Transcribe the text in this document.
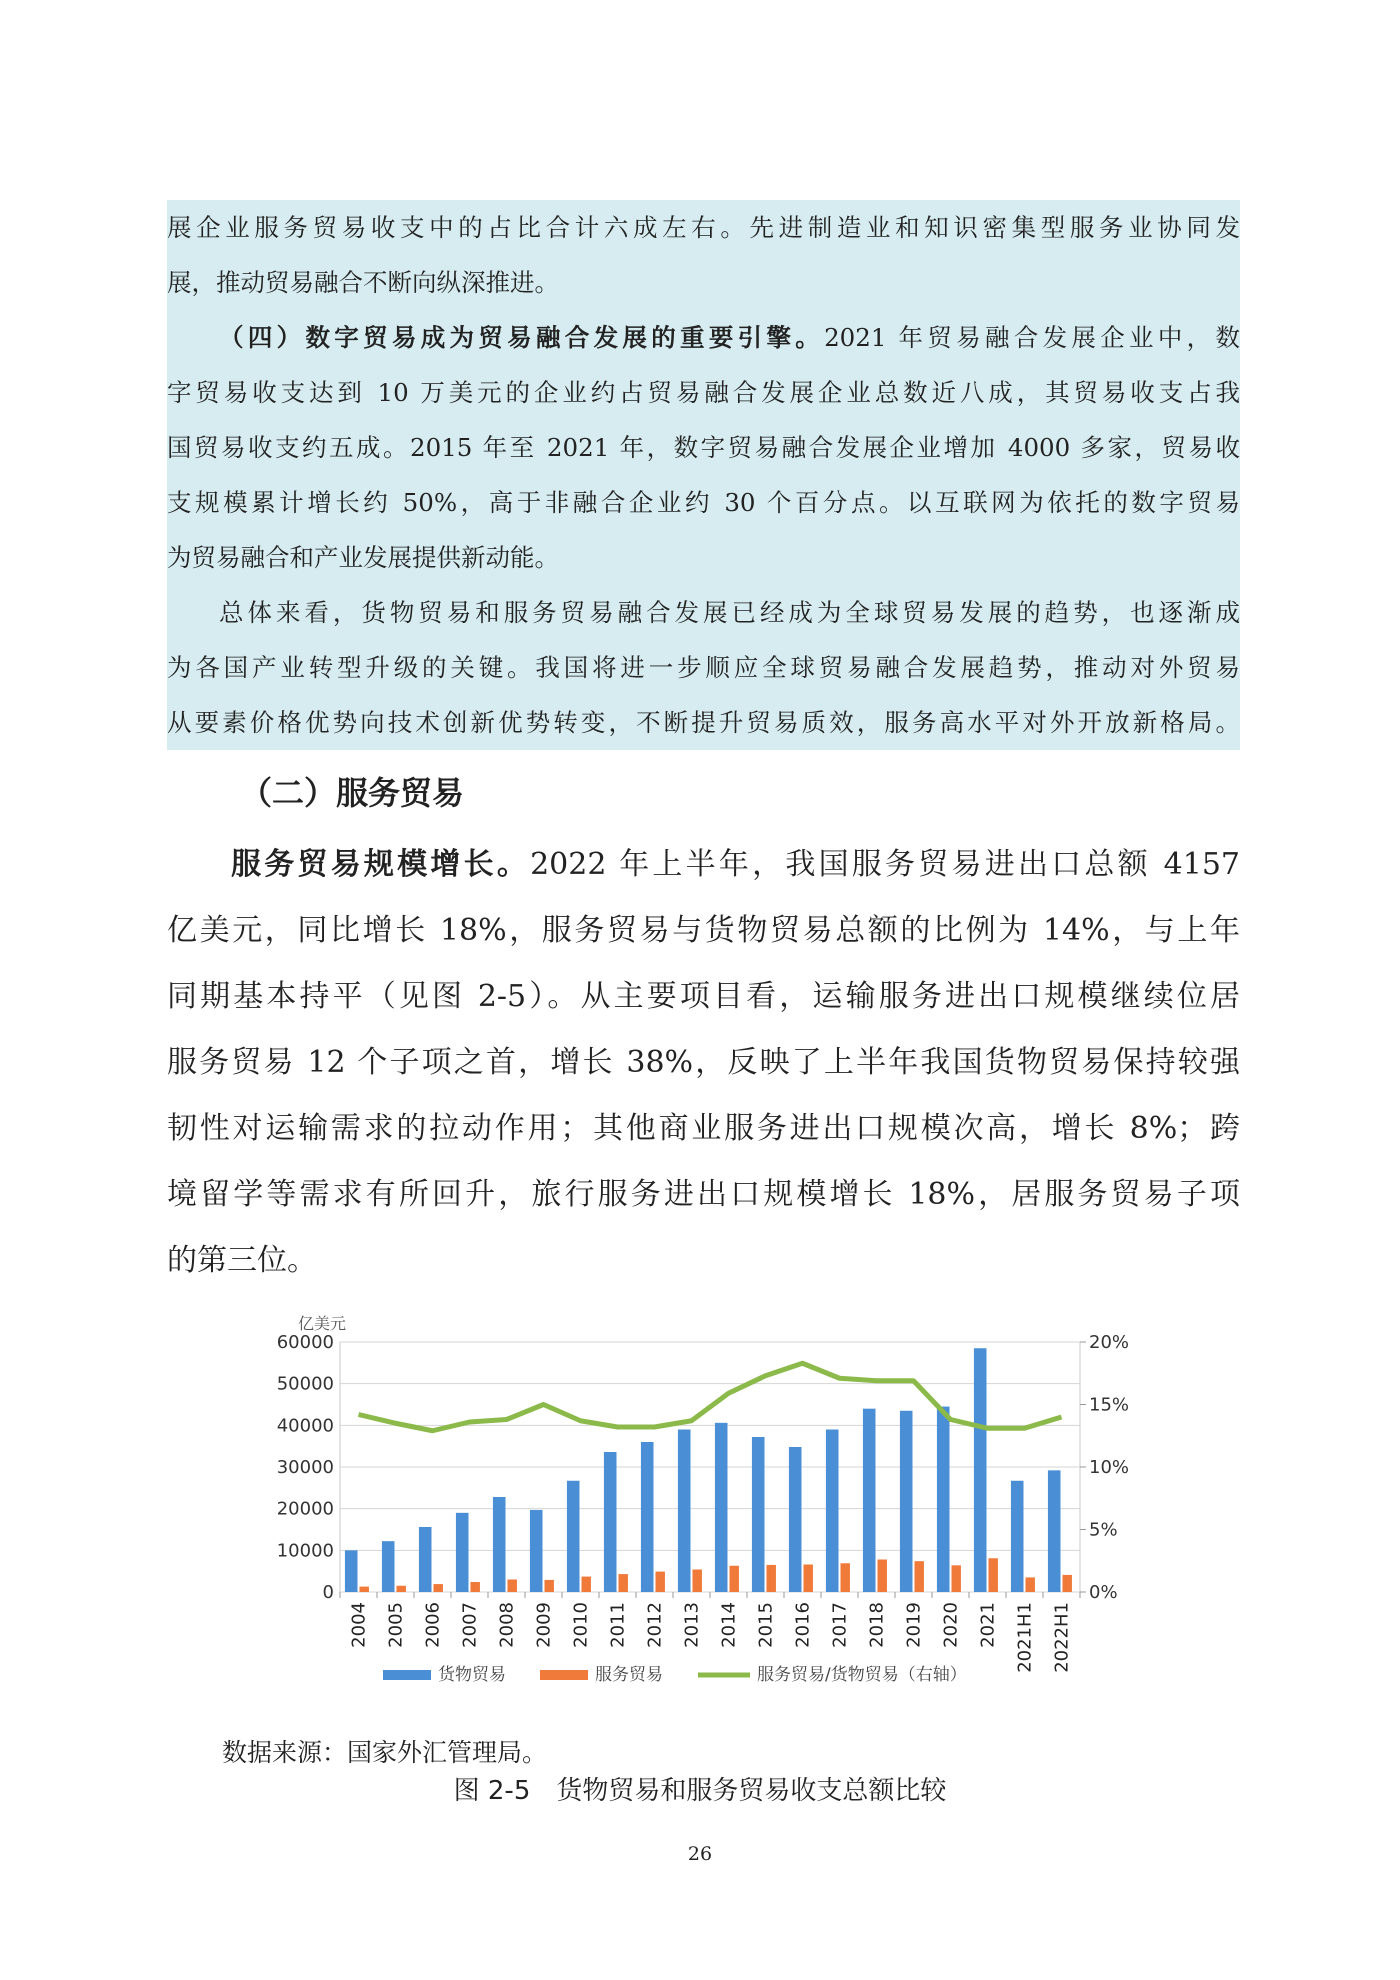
展企业服务贸易收支中的占比合计六成左右。先进制造业和知识密集型服务业协同发

展，推动贸易融合不断向纵深推进。

（四）数字贸易成为贸易融合发展的重要引擎。2021 年贸易融合发展企业中，数

字贸易收支达到 10 万美元的企业约占贸易融合发展企业总数近八成，其贸易收支占我

国贸易收支约五成。2015 年至 2021 年，数字贸易融合发展企业增加 4000 多家，贸易收

支规模累计增长约 50%，高于非融合企业约 30 个百分点。以互联网为依托的数字贸易

为贸易融合和产业发展提供新动能。

总体来看，货物贸易和服务贸易融合发展已经成为全球贸易发展的趋势，也逐渐成

为各国产业转型升级的关键。我国将进一步顺应全球贸易融合发展趋势，推动对外贸易

从要素价格优势向技术创新优势转变，不断提升贸易质效，服务高水平对外开放新格局。

（二）服务贸易

服务贸易规模增长。2022 年上半年，我国服务贸易进出口总额 4157

亿美元，同比增长 18%，服务贸易与货物贸易总额的比例为 14%，与上年

同期基本持平（见图 2-5）。从主要项目看，运输服务进出口规模继续位居

服务贸易 12 个子项之首，增长 38%，反映了上半年我国货物贸易保持较强

韧性对运输需求的拉动作用；其他商业服务进出口规模次高，增长 8%；跨

境留学等需求有所回升，旅行服务进出口规模增长 18%，居服务贸易子项

的第三位。

0
10000
20000
30000
40000
50000
60000
0%
5%
10%
15%
20%
2004 2005 2006 2007 2008 2009 2010 2011 2012 2013 2014 2015 2016 2017 2018 2019 2020 2021 2021H1 2022H1
亿美元
货物贸易	服务贸易	服务贸易/货物贸易（右轴）
数据来源：国家外汇管理局。
图 2-5　货物贸易和服务贸易收支总额比较
26
